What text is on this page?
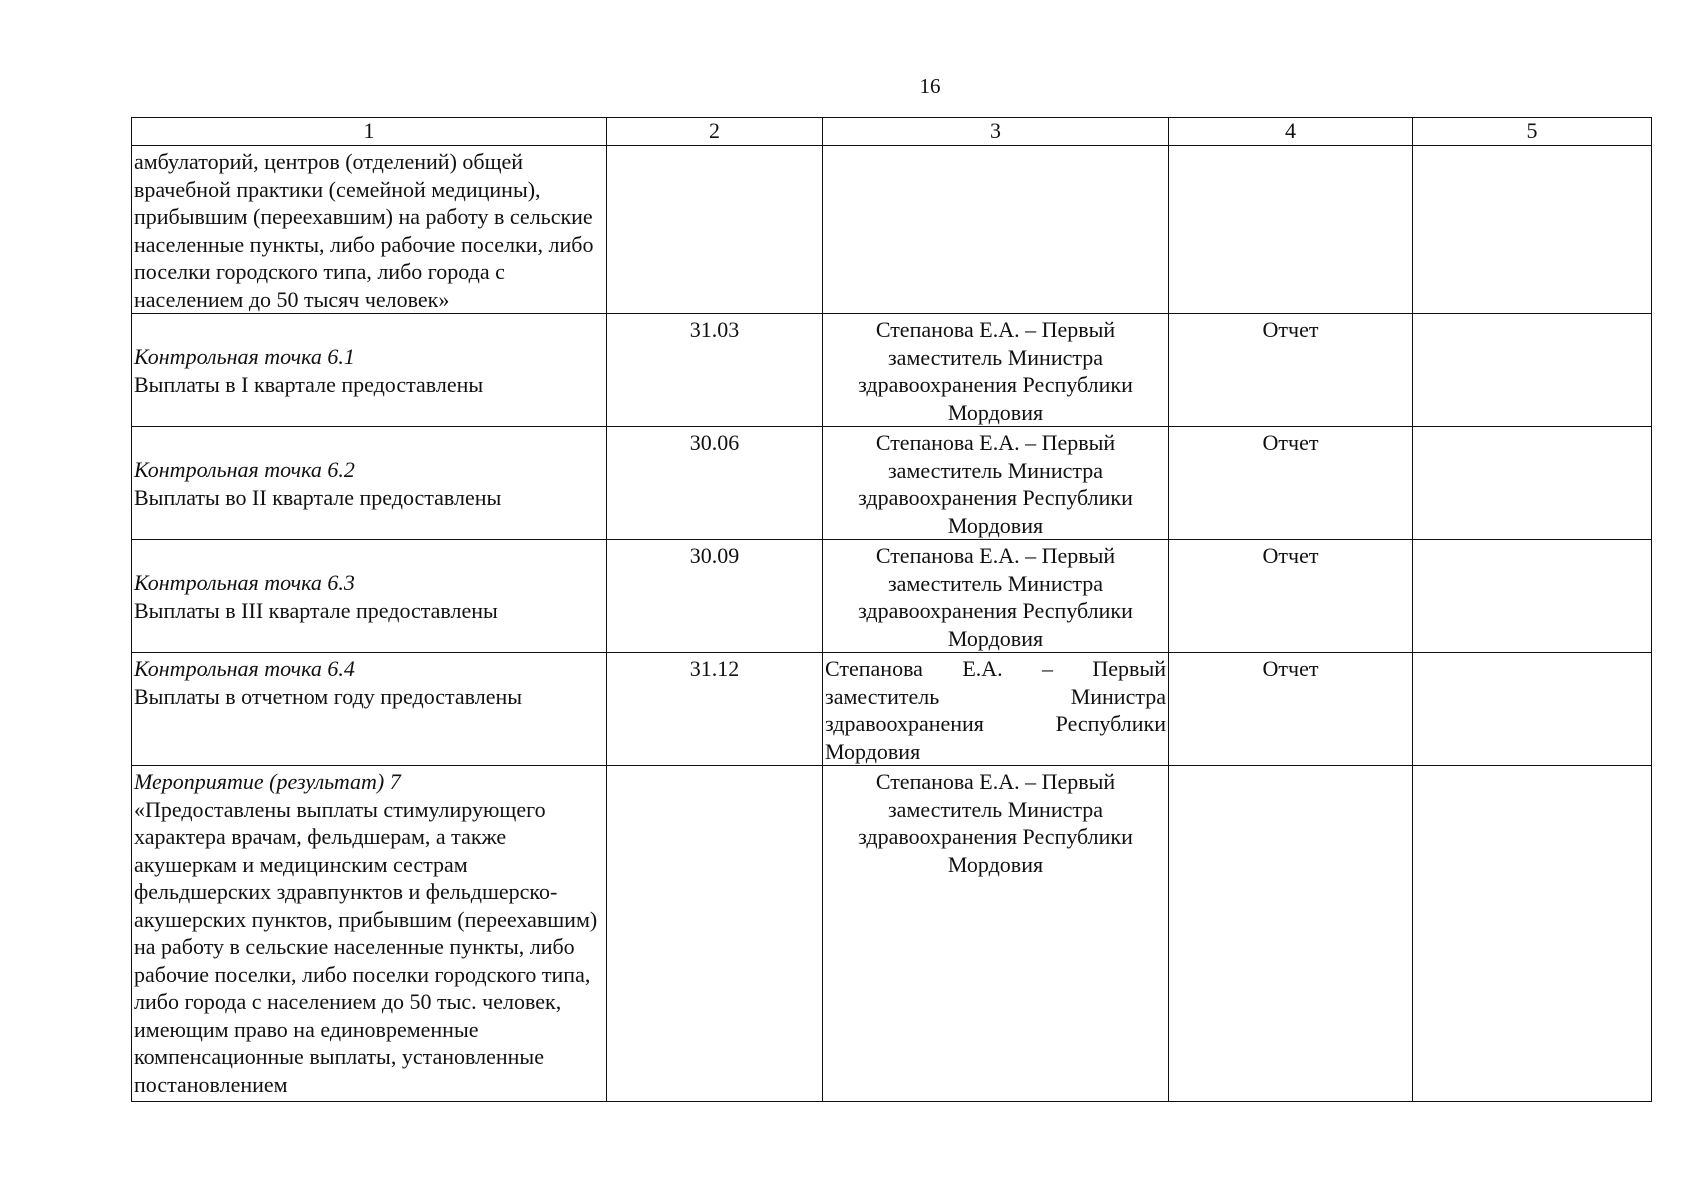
16
1	2	3	4	5
амбулаторий, центров (отделений) общей врачебной практики (семейной медицины), прибывшим (переехавшим) на работу в сельские населенные пункты, либо рабочие поселки, либо поселки городского типа, либо города с населением до 50 тысяч человек»				

Контрольная точка 6.1
Выплаты в I квартале предоставлены	31.03	Степанова Е.А. – Первый заместитель Министра здравоохранения Республики Мордовия	Отчет	

Контрольная точка 6.2
Выплаты во II квартале предоставлены	30.06	Степанова Е.А. – Первый заместитель Министра здравоохранения Республики Мордовия	Отчет	

Контрольная точка 6.3
Выплаты в III квартале предоставлены	30.09	Степанова Е.А. – Первый заместитель Министра здравоохранения Республики Мордовия	Отчет	

Контрольная точка 6.4
Выплаты в отчетном году предоставлены	31.12	Степанова Е.А. – Первый заместитель Министра здравоохранения Республики Мордовия	Отчет	

Мероприятие (результат) 7
«Предоставлены выплаты стимулирующего характера врачам, фельдшерам, а также акушеркам и медицинским сестрам фельдшерских здравпунктов и фельдшерско-акушерских пунктов, прибывшим (переехавшим) на работу в сельские населенные пункты, либо рабочие поселки, либо поселки городского типа, либо города с населением до 50 тыс. человек, имеющим право на единовременные компенсационные выплаты, установленные постановлением		Степанова Е.А. – Первый заместитель Министра здравоохранения Республики Мордовия		
